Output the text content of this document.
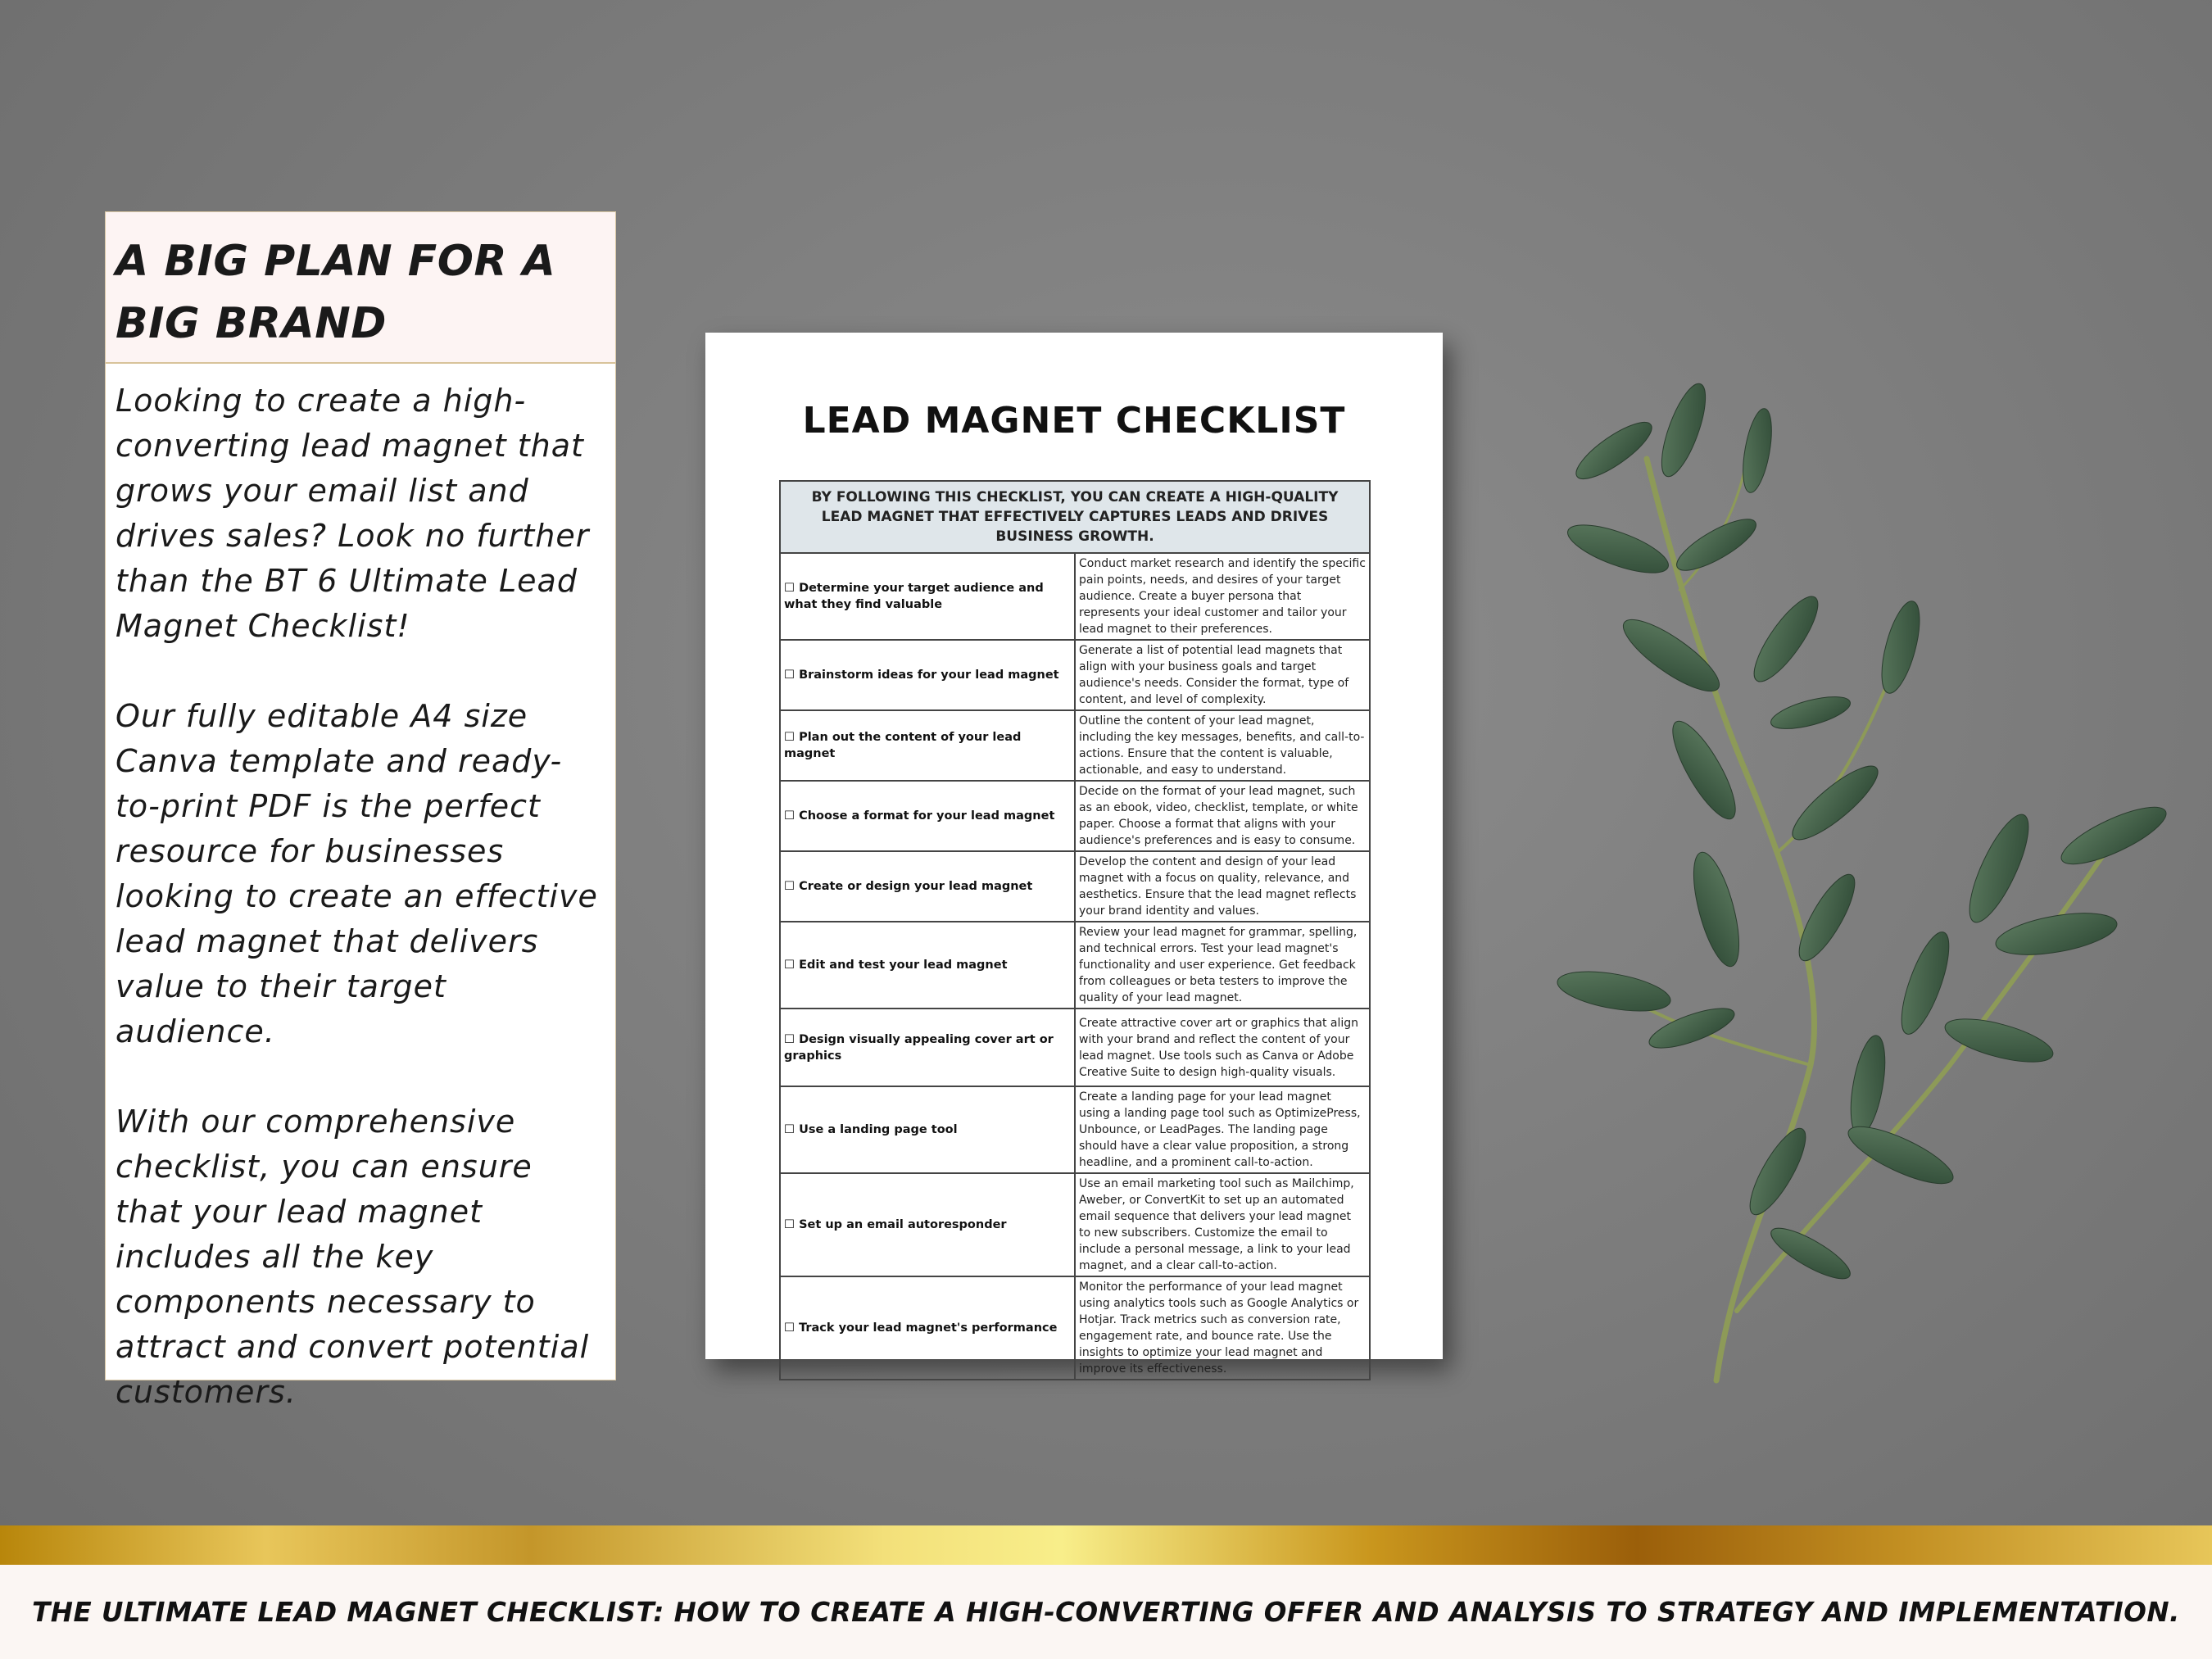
A BIG PLAN FOR A
BIG BRAND

Looking to create a high-converting lead magnet that grows your email list and drives sales? Look no further than the BT 6 Ultimate Lead Magnet Checklist!

Our fully editable A4 size Canva template and ready-to-print PDF is the perfect resource for businesses looking to create an effective lead magnet that delivers value to their target audience.

With our comprehensive checklist, you can ensure that your lead magnet includes all the key components necessary to attract and convert potential customers.

LEAD MAGNET CHECKLIST
BY FOLLOWING THIS CHECKLIST, YOU CAN CREATE A HIGH-QUALITY LEAD MAGNET THAT EFFECTIVELY CAPTURES LEADS AND DRIVES BUSINESS GROWTH.	
☐ Determine your target audience and what they find valuable	Conduct market research and identify the specific pain points, needs, and desires of your target audience. Create a buyer persona that represents your ideal customer and tailor your lead magnet to their preferences.
☐ Brainstorm ideas for your lead magnet	Generate a list of potential lead magnets that align with your business goals and target audience's needs. Consider the format, type of content, and level of complexity.
☐ Plan out the content of your lead magnet	Outline the content of your lead magnet, including the key messages, benefits, and call-to-actions. Ensure that the content is valuable, actionable, and easy to understand.
☐ Choose a format for your lead magnet	Decide on the format of your lead magnet, such as an ebook, video, checklist, template, or white paper. Choose a format that aligns with your audience's preferences and is easy to consume.
☐ Create or design your lead magnet	Develop the content and design of your lead magnet with a focus on quality, relevance, and aesthetics. Ensure that the lead magnet reflects your brand identity and values.
☐ Edit and test your lead magnet	Review your lead magnet for grammar, spelling, and technical errors. Test your lead magnet's functionality and user experience. Get feedback from colleagues or beta testers to improve the quality of your lead magnet.
☐ Design visually appealing cover art or graphics	Create attractive cover art or graphics that align with your brand and reflect the content of your lead magnet. Use tools such as Canva or Adobe Creative Suite to design high-quality visuals.
☐ Use a landing page tool	Create a landing page for your lead magnet using a landing page tool such as OptimizePress, Unbounce, or LeadPages. The landing page should have a clear value proposition, a strong headline, and a prominent call-to-action.
☐ Set up an email autoresponder	Use an email marketing tool such as Mailchimp, Aweber, or ConvertKit to set up an automated email sequence that delivers your lead magnet to new subscribers. Customize the email to include a personal message, a link to your lead magnet, and a clear call-to-action.
☐ Track your lead magnet's performance	Monitor the performance of your lead magnet using analytics tools such as Google Analytics or Hotjar. Track metrics such as conversion rate, engagement rate, and bounce rate. Use the insights to optimize your lead magnet and improve its effectiveness.
THE ULTIMATE LEAD MAGNET CHECKLIST: HOW TO CREATE A HIGH-CONVERTING OFFER AND ANALYSIS TO STRATEGY AND IMPLEMENTATION.
